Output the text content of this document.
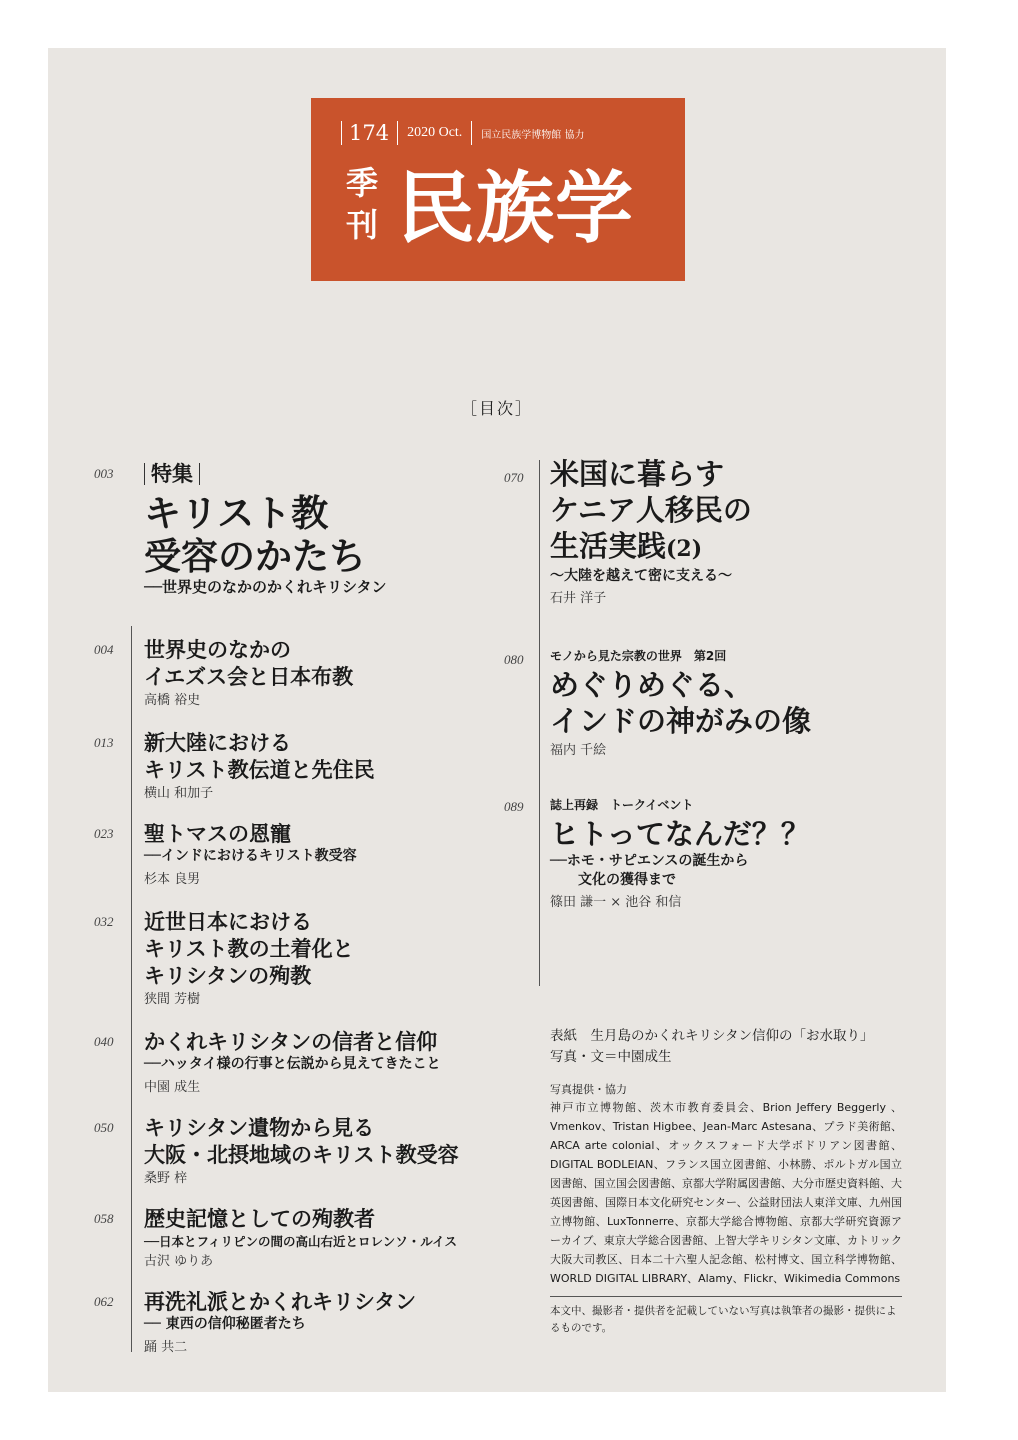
174	2020 Oct.	国立民族学博物館 協力
季
刊 民族学
［目次］
003 特集
キリスト教
受容のかたち
──世界史のなかのかくれキリシタン
004 世界史のなかの
イエズス会と日本布教
高橋 裕史
013 新大陸における
キリスト教伝道と先住民
横山 和加子
023 聖トマスの恩寵
──インドにおけるキリスト教受容
杉本 良男
032 近世日本における
キリスト教の土着化と
キリシタンの殉教
狭間 芳樹
040 かくれキリシタンの信者と信仰
──ハッタイ様の行事と伝説から見えてきたこと
中園 成生
050 キリシタン遺物から見る
大阪・北摂地域のキリスト教受容
桑野 梓
058 歴史記憶としての殉教者
──日本とフィリピンの間の高山右近とロレンソ・ルイス
古沢 ゆりあ
062 再洗礼派とかくれキリシタン
── 東西の信仰秘匿者たち
踊 共二
070 米国に暮らす
ケニア人移民の
生活実践(2)
～大陸を越えて密に支える～
石井 洋子
080 モノから見た宗教の世界　第2回
めぐりめぐる、
インドの神がみの像
福内 千絵
089 誌上再録　トークイベント
ヒトってなんだ？？
──ホモ・サピエンスの誕生から
文化の獲得まで
篠田 謙一 × 池谷 和信
表紙　生月島のかくれキリシタン信仰の「お水取り」
写真・文＝中園成生
写真提供・協力
神戸市立博物館、茨木市教育委員会、Brion Jeffery Beggerly 、Vmenkov、Tristan Higbee、Jean-Marc Astesana、プラド美術館、ARCA arte colonial、オックスフォード大学ボドリアン図書館、DIGITAL BODLEIAN、フランス国立図書館、小林勝、ポルトガル国立図書館、国立国会図書館、京都大学附属図書館、大分市歴史資料館、大英図書館、国際日本文化研究センター、公益財団法人東洋文庫、九州国立博物館、LuxTonnerre、京都大学総合博物館、京都大学研究資源アーカイブ、東京大学総合図書館、上智大学キリシタン文庫、カトリック大阪大司教区、日本二十六聖人記念館、松村博文、国立科学博物館、WORLD DIGITAL LIBRARY、Alamy、Flickr、Wikimedia Commons
本文中、撮影者・提供者を記載していない写真は執筆者の撮影・提供によるものです。
